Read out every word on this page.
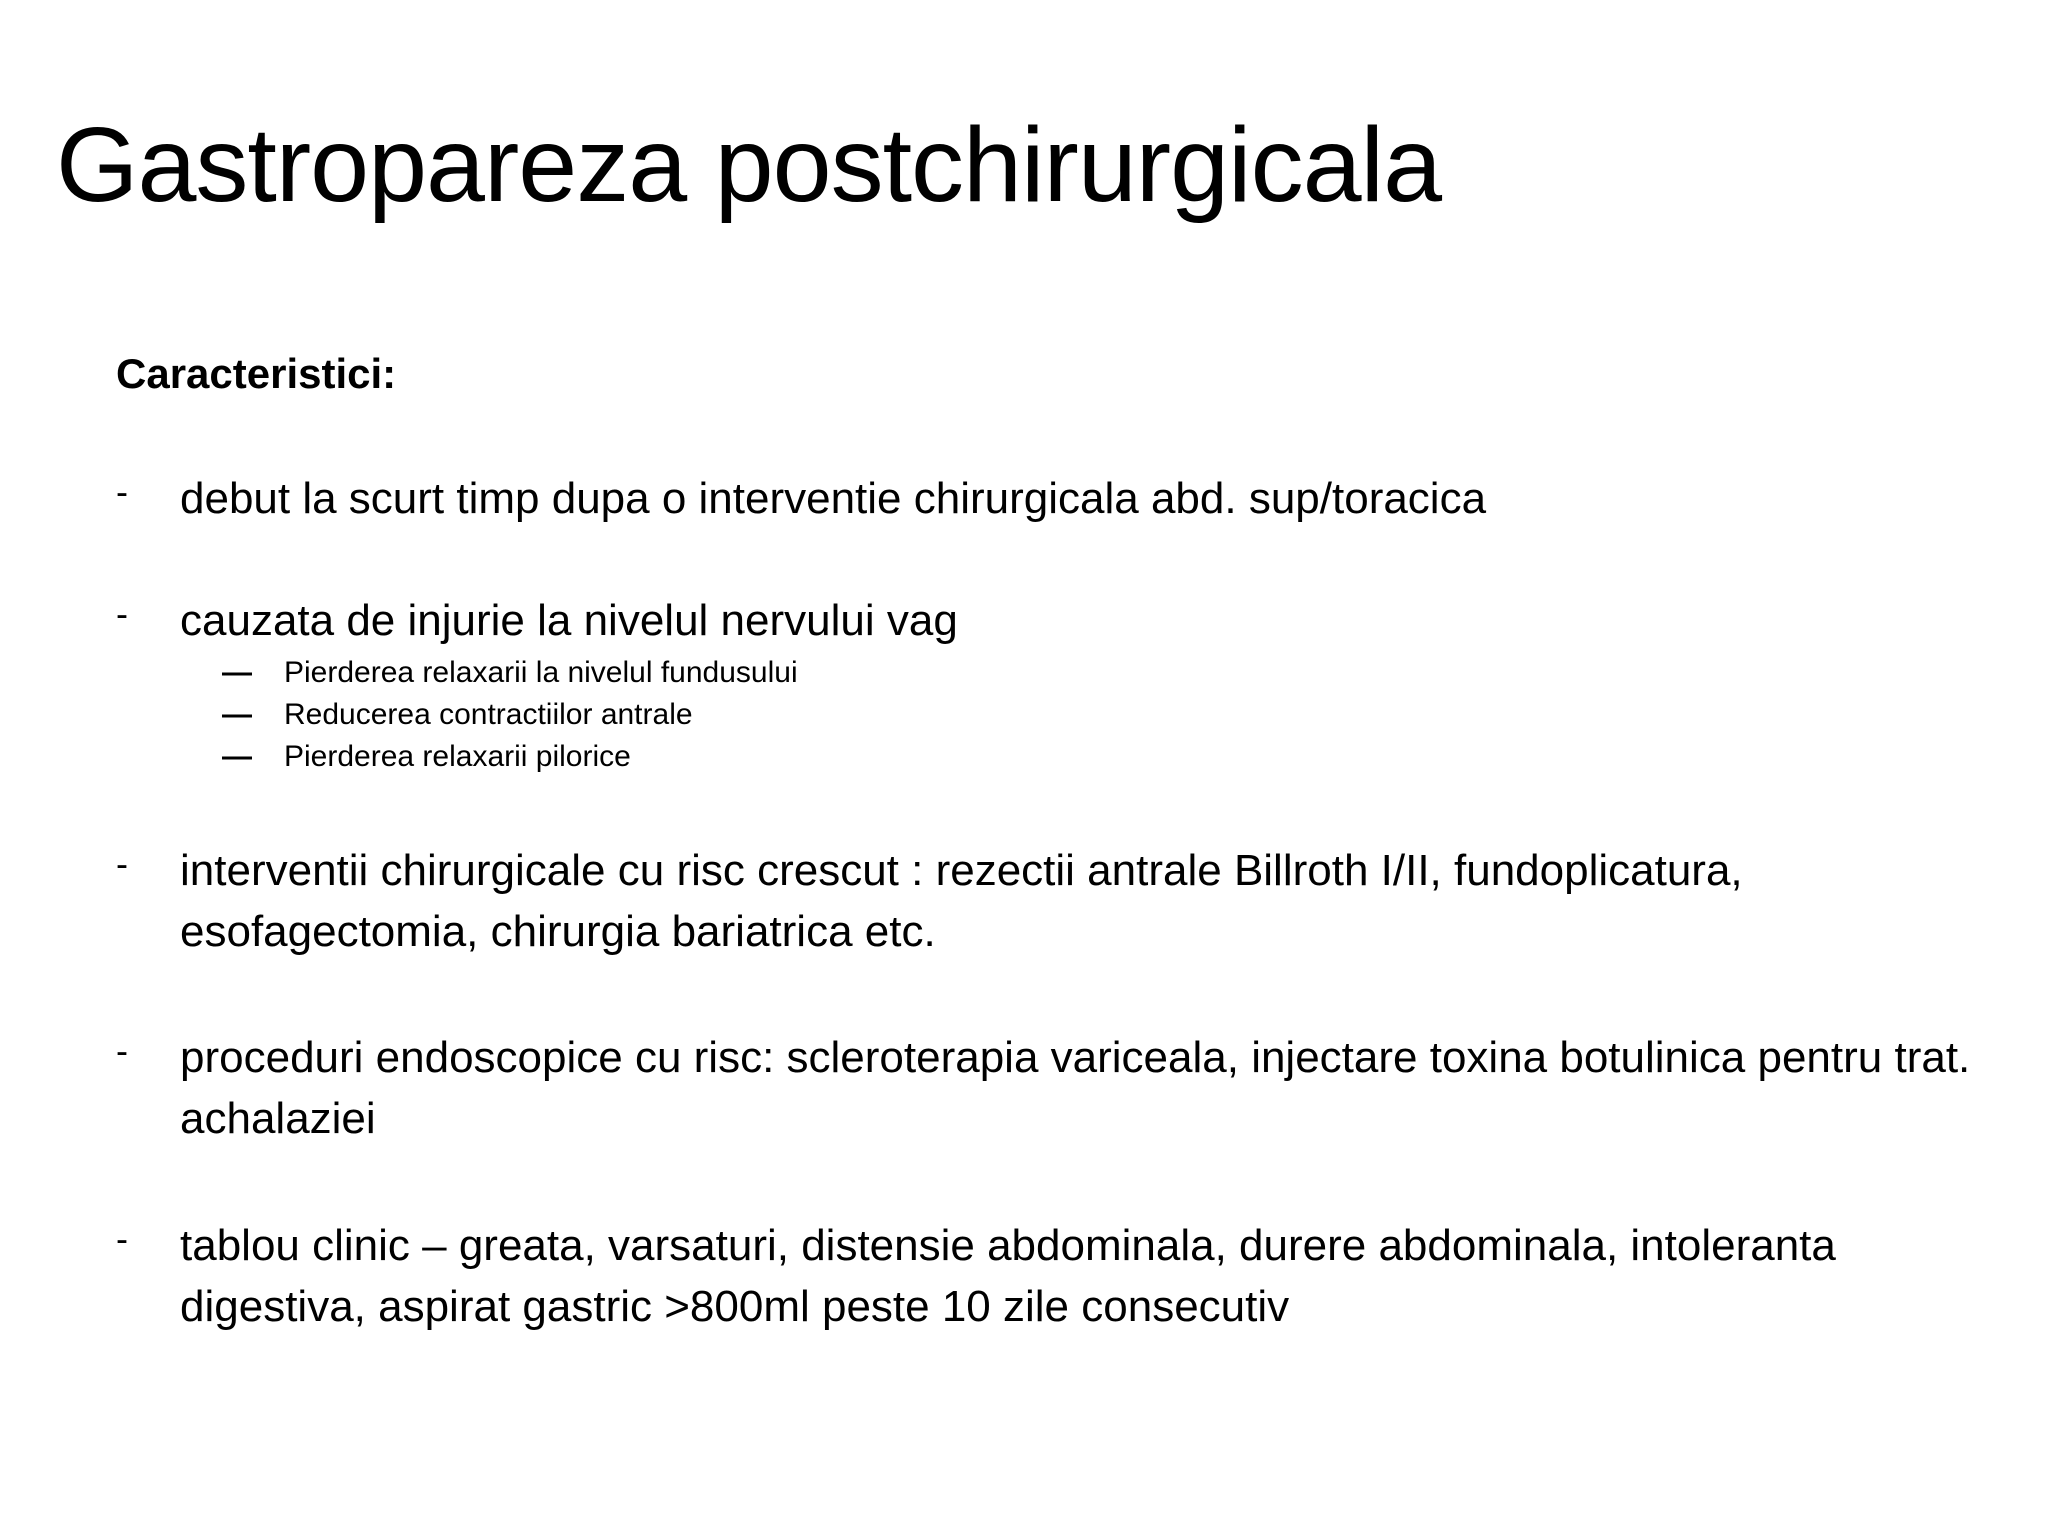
Gastropareza postchirurgicala
Caracteristici:
- debut la scurt timp dupa o interventie chirurgicala abd. sup/toracica
- cauzata de injurie la nivelul nervului vag
— Pierderea relaxarii la nivelul fundusului
— Reducerea contractiilor antrale
— Pierderea relaxarii pilorice
- interventii chirurgicale cu risc crescut : rezectii antrale Billroth I/II, fundoplicatura, esofagectomia, chirurgia bariatrica etc.
- proceduri endoscopice cu risc: scleroterapia variceala, injectare toxina botulinica pentru trat. achalaziei
- tablou clinic – greata, varsaturi, distensie abdominala, durere abdominala, intoleranta digestiva, aspirat gastric >800ml peste 10 zile consecutiv
